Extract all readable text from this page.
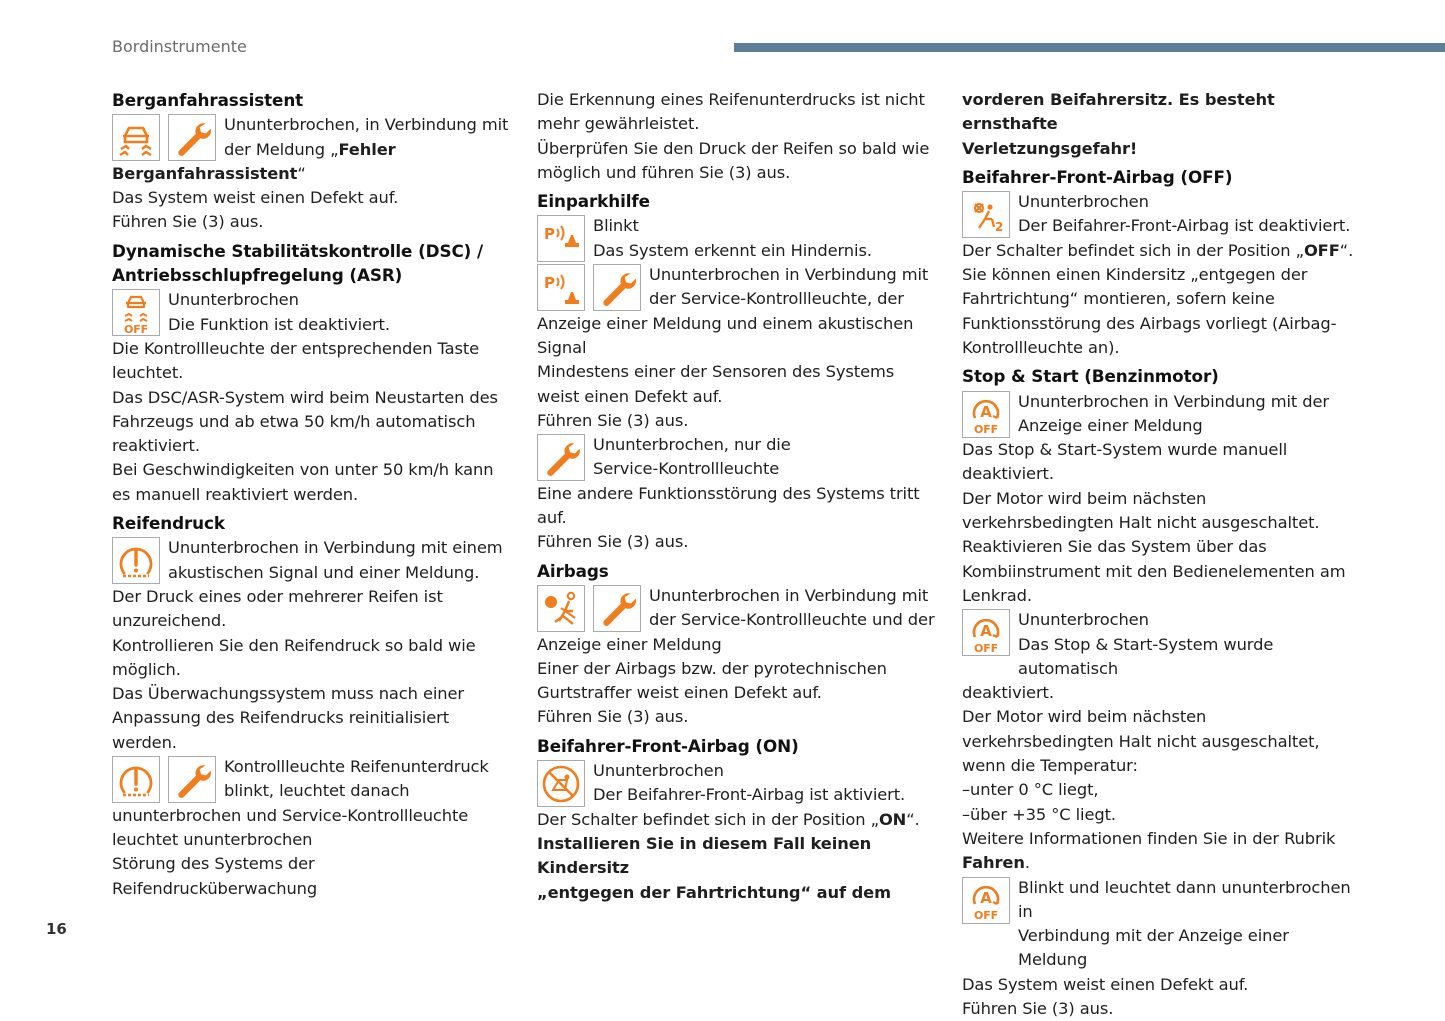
Bordinstrumente
16
Berganfahrassistent

Ununterbrochen, in Verbindung mit

der Meldung „Fehler

Berganfahrassistent“

Das System weist einen Defekt auf.

Führen Sie (3) aus.

Dynamische Stabilitätskontrolle (DSC) /
Antriebsschlupfregelung (ASR)
OFF

Ununterbrochen

Die Funktion ist deaktiviert.

Die Kontrollleuchte der entsprechenden Taste leuchtet.

Das DSC/ASR-System wird beim Neustarten des Fahrzeugs und ab etwa 50 km/h automatisch reaktiviert.

Bei Geschwindigkeiten von unter 50 km/h kann es manuell reaktiviert werden.

Reifendruck

Ununterbrochen in Verbindung mit einem

akustischen Signal und einer Meldung.

Der Druck eines oder mehrerer Reifen ist unzureichend.

Kontrollieren Sie den Reifendruck so bald wie möglich.

Das Überwachungssystem muss nach einer Anpassung des Reifendrucks reinitialisiert werden.

Kontrollleuchte Reifenunterdruck

blinkt, leuchtet danach

ununterbrochen und Service-Kontrollleuchte leuchtet ununterbrochen

Störung des Systems der Reifendrucküberwachung

Die Erkennung eines Reifenunterdrucks ist nicht mehr gewährleistet.

Überprüfen Sie den Druck der Reifen so bald wie möglich und führen Sie (3) aus.

Einparkhilfe
P Blinkt

Das System erkennt ein Hindernis.

P	Ununterbrochen in Verbindung mit

der Service-Kontrollleuchte, der

Anzeige einer Meldung und einem akustischen Signal

Mindestens einer der Sensoren des Systems weist einen Defekt auf.

Führen Sie (3) aus.

Ununterbrochen, nur die

Service-Kontrollleuchte

Eine andere Funktionsstörung des Systems tritt auf.

Führen Sie (3) aus.

Airbags

Ununterbrochen in Verbindung mit

der Service-Kontrollleuchte und der

Anzeige einer Meldung

Einer der Airbags bzw. der pyrotechnischen Gurtstraffer weist einen Defekt auf.

Führen Sie (3) aus.

Beifahrer-Front-Airbag (ON)

Ununterbrochen

Der Beifahrer-Front-Airbag ist aktiviert.

Der Schalter befindet sich in der Position „ON“.

Installieren Sie in diesem Fall keinen Kindersitz

„entgegen der Fahrtrichtung“ auf dem

vorderen Beifahrersitz. Es besteht ernsthafte

Verletzungsgefahr!

Beifahrer-Front-Airbag (OFF)
2

Ununterbrochen

Der Beifahrer-Front-Airbag ist deaktiviert.

Der Schalter befindet sich in der Position „OFF“.

Sie können einen Kindersitz „entgegen der Fahrtrichtung“ montieren, sofern keine Funktionsstörung des Airbags vorliegt (Airbag-Kontrollleuchte an).

Stop & Start (Benzinmotor)
A
OFF

Ununterbrochen in Verbindung mit der

Anzeige einer Meldung

Das Stop & Start-System wurde manuell deaktiviert.

Der Motor wird beim nächsten verkehrsbedingten Halt nicht ausgeschaltet.

Reaktivieren Sie das System über das Kombiinstrument mit den Bedienelementen am Lenkrad.

A
OFF

Ununterbrochen

Das Stop & Start-System wurde automatisch

deaktiviert.

Der Motor wird beim nächsten verkehrsbedingten Halt nicht ausgeschaltet, wenn die Temperatur:

–unter 0 °C liegt,

–über +35 °C liegt.

Weitere Informationen finden Sie in der Rubrik

Fahren.

A
OFF

Blinkt und leuchtet dann ununterbrochen in

Verbindung mit der Anzeige einer Meldung

Das System weist einen Defekt auf.

Führen Sie (3) aus.
